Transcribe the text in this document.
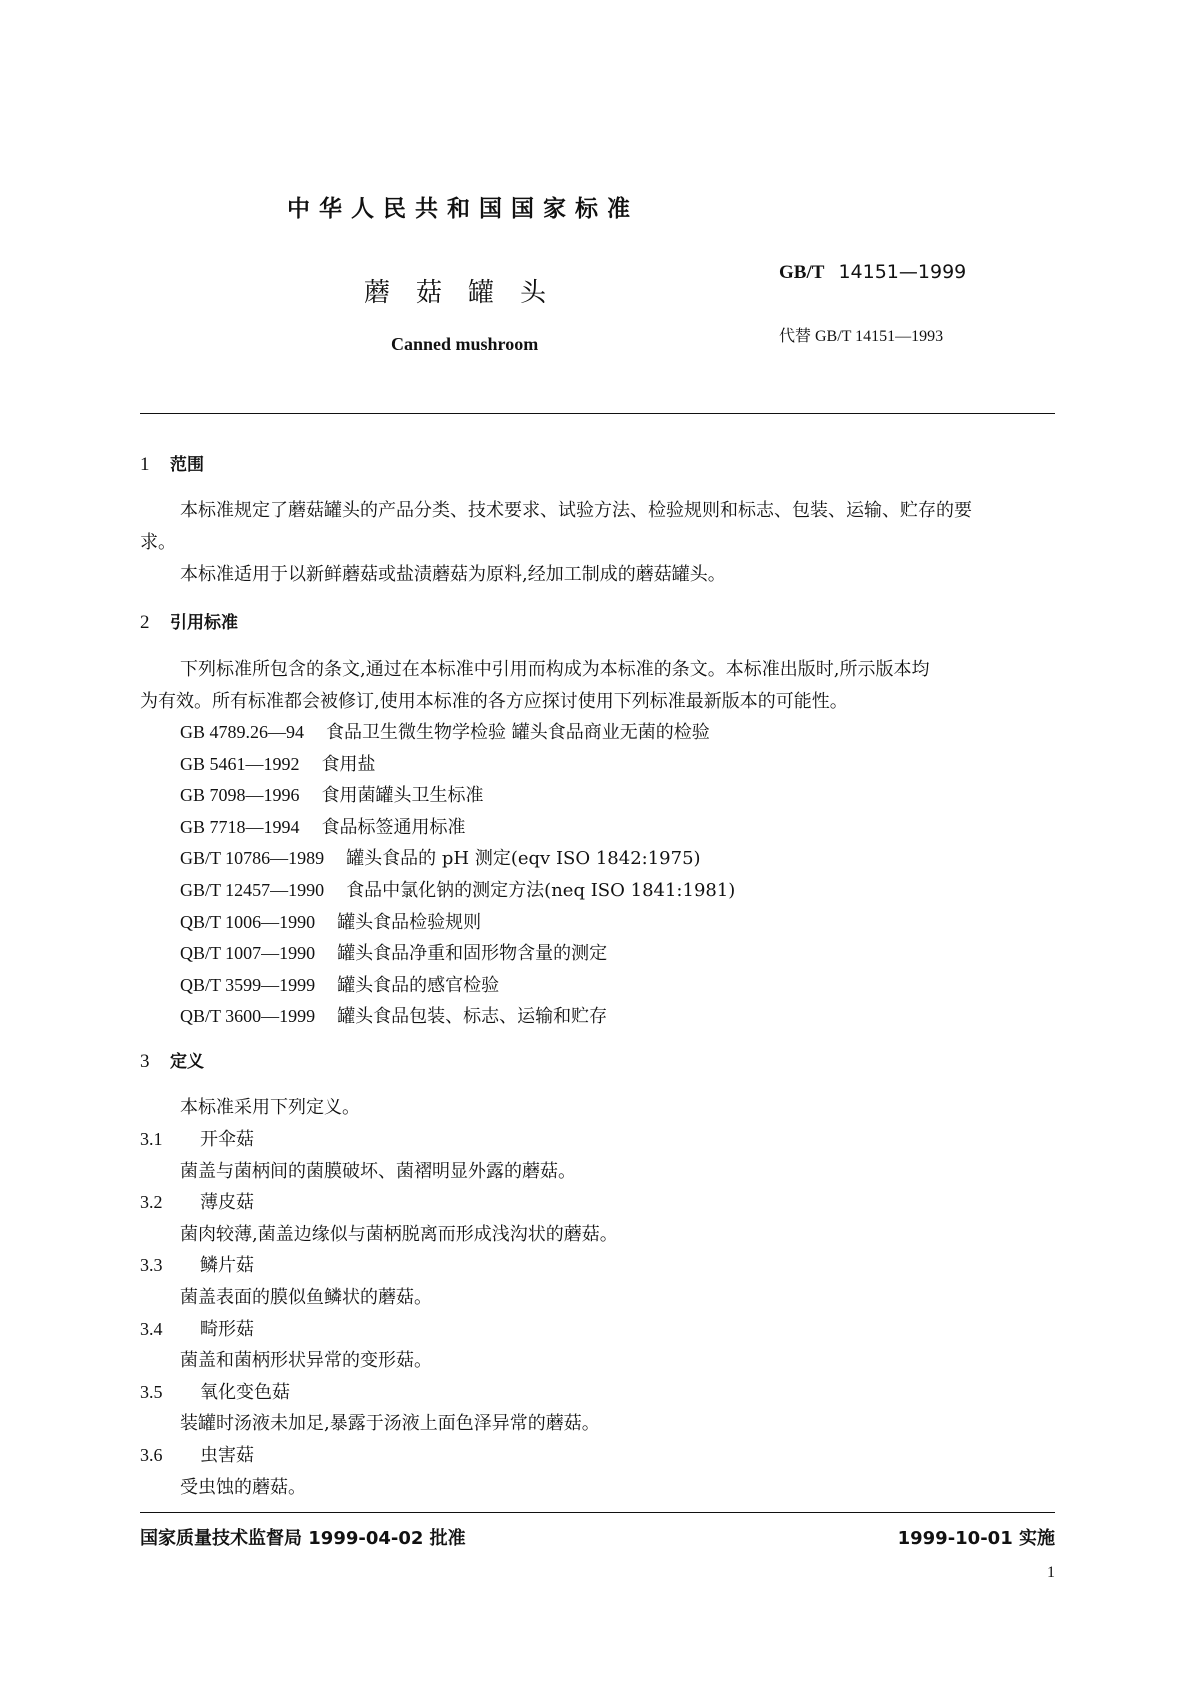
中华人民共和国国家标准
蘑菇罐头
Canned mushroom
GB/T 14151—1999
代替 GB/T 14151—1993
1 范围
本标准规定了蘑菇罐头的产品分类、技术要求、试验方法、检验规则和标志、包装、运输、贮存的要
求。
本标准适用于以新鲜蘑菇或盐渍蘑菇为原料,经加工制成的蘑菇罐头。
2 引用标准
下列标准所包含的条文,通过在本标准中引用而构成为本标准的条文。本标准出版时,所示版本均
为有效。所有标准都会被修订,使用本标准的各方应探讨使用下列标准最新版本的可能性。
GB 4789.26—94 食品卫生微生物学检验 罐头食品商业无菌的检验
GB 5461—1992 食用盐
GB 7098—1996 食用菌罐头卫生标准
GB 7718—1994 食品标签通用标准
GB/T 10786—1989 罐头食品的 pH 测定(eqv ISO 1842:1975)
GB/T 12457—1990 食品中氯化钠的测定方法(neq ISO 1841:1981)
QB/T 1006—1990 罐头食品检验规则
QB/T 1007—1990 罐头食品净重和固形物含量的测定
QB/T 3599—1999 罐头食品的感官检验
QB/T 3600—1999 罐头食品包装、标志、运输和贮存
3 定义
本标准采用下列定义。
3.1 开伞菇
菌盖与菌柄间的菌膜破坏、菌褶明显外露的蘑菇。
3.2 薄皮菇
菌肉较薄,菌盖边缘似与菌柄脱离而形成浅沟状的蘑菇。
3.3 鳞片菇
菌盖表面的膜似鱼鳞状的蘑菇。
3.4 畸形菇
菌盖和菌柄形状异常的变形菇。
3.5 氧化变色菇
装罐时汤液未加足,暴露于汤液上面色泽异常的蘑菇。
3.6 虫害菇
受虫蚀的蘑菇。
国家质量技术监督局 1999-04-02 批准	1999-10-01 实施
1
